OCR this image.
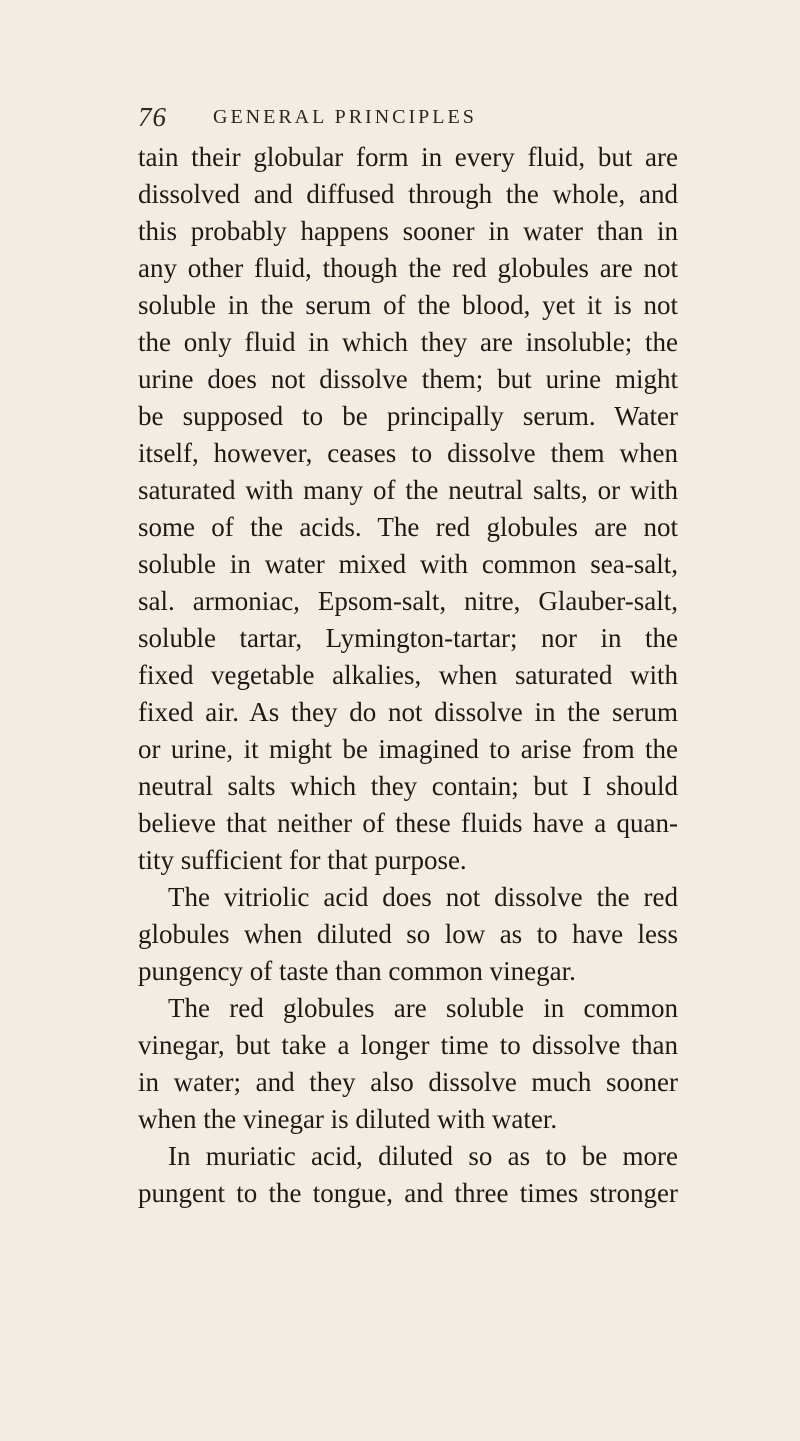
76 GENERAL PRINCIPLES
tain their globular form in every fluid, but are
dissolved and diffused through the whole, and
this probably happens sooner in water than in
any other fluid, though the red globules are not
soluble in the serum of the blood, yet it is not
the only fluid in which they are insoluble; the
urine does not dissolve them; but urine might
be supposed to be principally serum. Water
itself, however, ceases to dissolve them when
saturated with many of the neutral salts, or with
some of the acids. The red globules are not
soluble in water mixed with common sea-salt,
sal. armoniac, Epsom-salt, nitre, Glauber-salt,
soluble tartar, Lymington-tartar; nor in the
fixed vegetable alkalies, when saturated with
fixed air. As they do not dissolve in the serum
or urine, it might be imagined to arise from the
neutral salts which they contain; but I should
believe that neither of these fluids have a quan-
tity sufficient for that purpose.
The vitriolic acid does not dissolve the red
globules when diluted so low as to have less
pungency of taste than common vinegar.
The red globules are soluble in common
vinegar, but take a longer time to dissolve than
in water; and they also dissolve much sooner
when the vinegar is diluted with water.
In muriatic acid, diluted so as to be more
pungent to the tongue, and three times stronger
